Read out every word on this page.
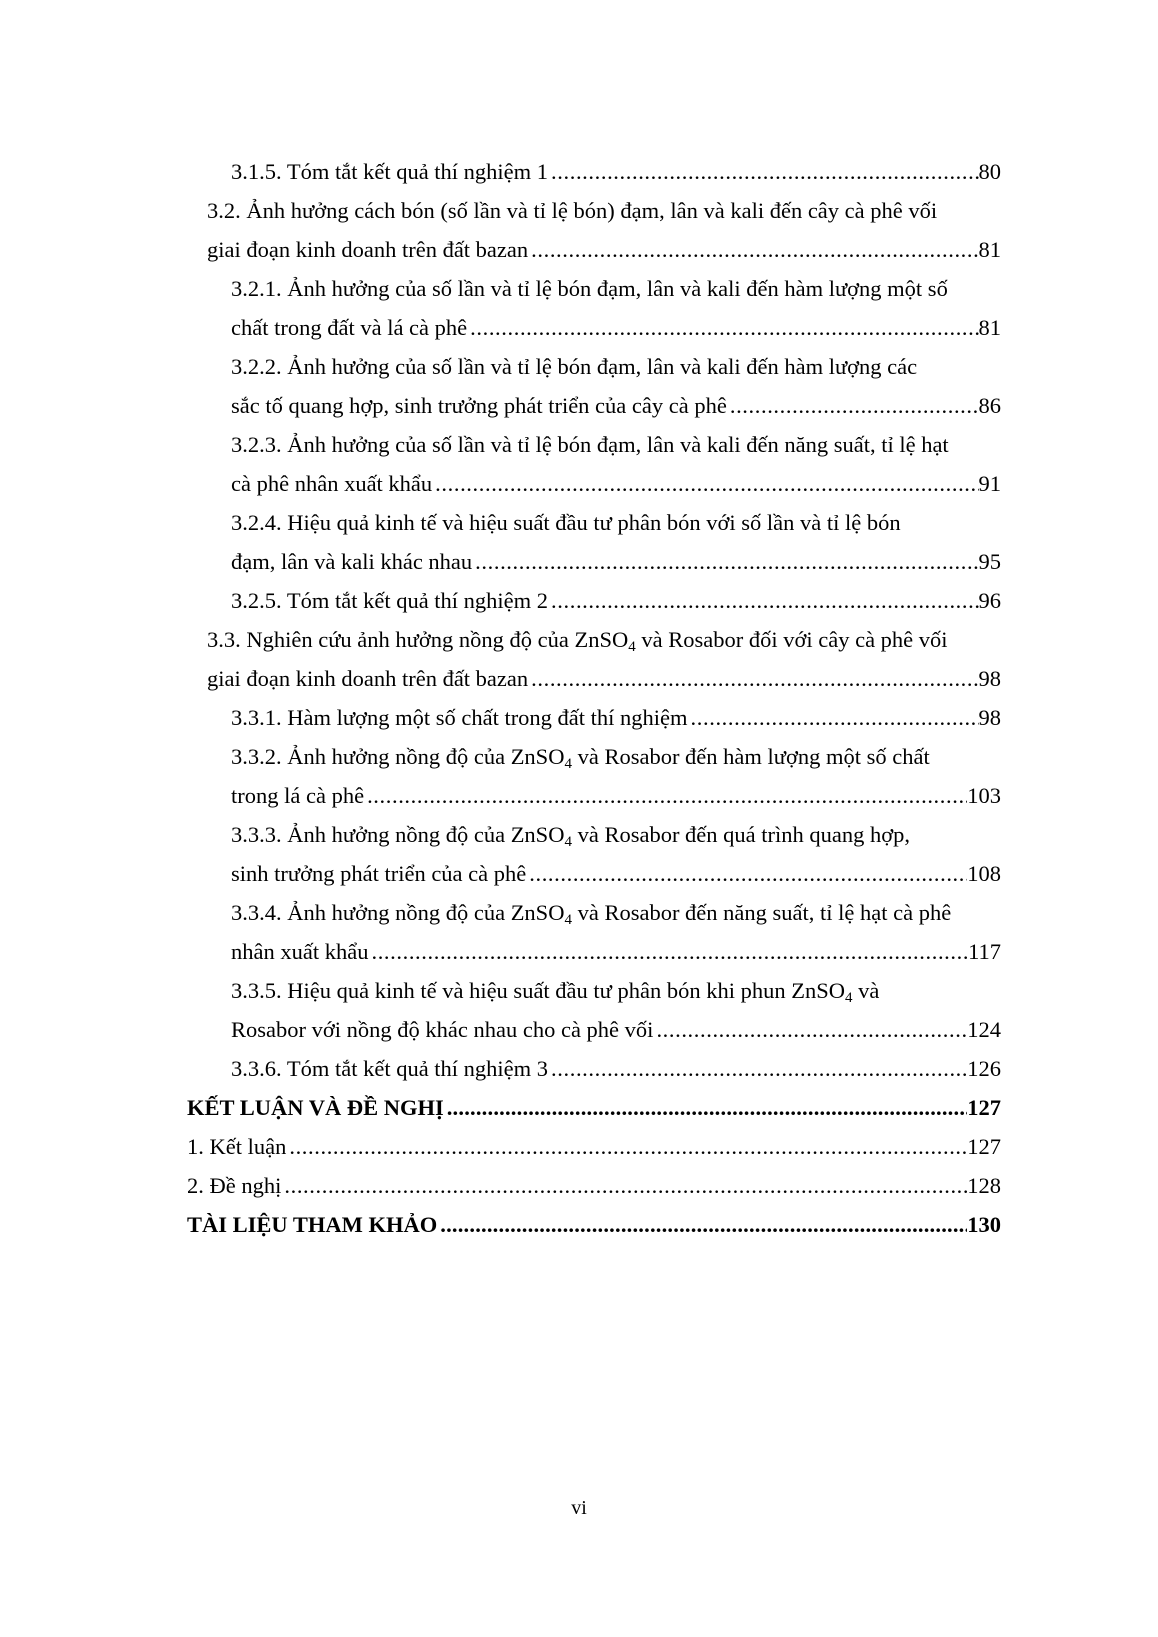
3.1.5. Tóm tắt kết quả thí nghiệm 1 .....	80
3.2. Ảnh hưởng cách bón (số lần và tỉ lệ bón) đạm, lân và kali đến cây cà phê vối
giai đoạn kinh doanh trên đất bazan .....	81
3.2.1. Ảnh hưởng của số lần và tỉ lệ bón đạm, lân và kali đến hàm lượng một số
chất trong đất và lá cà phê .....	81
3.2.2. Ảnh hưởng của số lần và tỉ lệ bón đạm, lân và kali đến hàm lượng các
sắc tố quang hợp, sinh trưởng phát triển của cây cà phê .....	86
3.2.3. Ảnh hưởng của số lần và tỉ lệ bón đạm, lân và kali đến năng suất, tỉ lệ hạt
cà phê nhân xuất khẩu .....	91
3.2.4. Hiệu quả kinh tế và hiệu suất đầu tư phân bón với số lần và tỉ lệ bón
đạm, lân và kali khác nhau .....	95
3.2.5. Tóm tắt kết quả thí nghiệm 2 .....	96
3.3. Nghiên cứu ảnh hưởng nồng độ của ZnSO$_4$ và Rosabor đối với cây cà phê vối
giai đoạn kinh doanh trên đất bazan .....	98
3.3.1. Hàm lượng một số chất trong đất thí nghiệm .....	98
3.3.2. Ảnh hưởng nồng độ của ZnSO$_4$ và Rosabor đến hàm lượng một số chất
trong lá cà phê .....	103
3.3.3. Ảnh hưởng nồng độ của ZnSO$_4$ và Rosabor đến quá trình quang hợp,
sinh trưởng phát triển của cà phê .....	108
3.3.4. Ảnh hưởng nồng độ của ZnSO$_4$ và Rosabor đến năng suất, tỉ lệ hạt cà phê
nhân xuất khẩu .....	117
3.3.5. Hiệu quả kinh tế và hiệu suất đầu tư phân bón khi phun ZnSO$_4$ và
Rosabor với nồng độ khác nhau cho cà phê vối .....	124
3.3.6. Tóm tắt kết quả thí nghiệm 3 .....	126
KẾT LUẬN VÀ ĐỀ NGHỊ .....	127
1. Kết luận .....	127
2. Đề nghị .....	128
TÀI LIỆU THAM KHẢO .....	130
vi
